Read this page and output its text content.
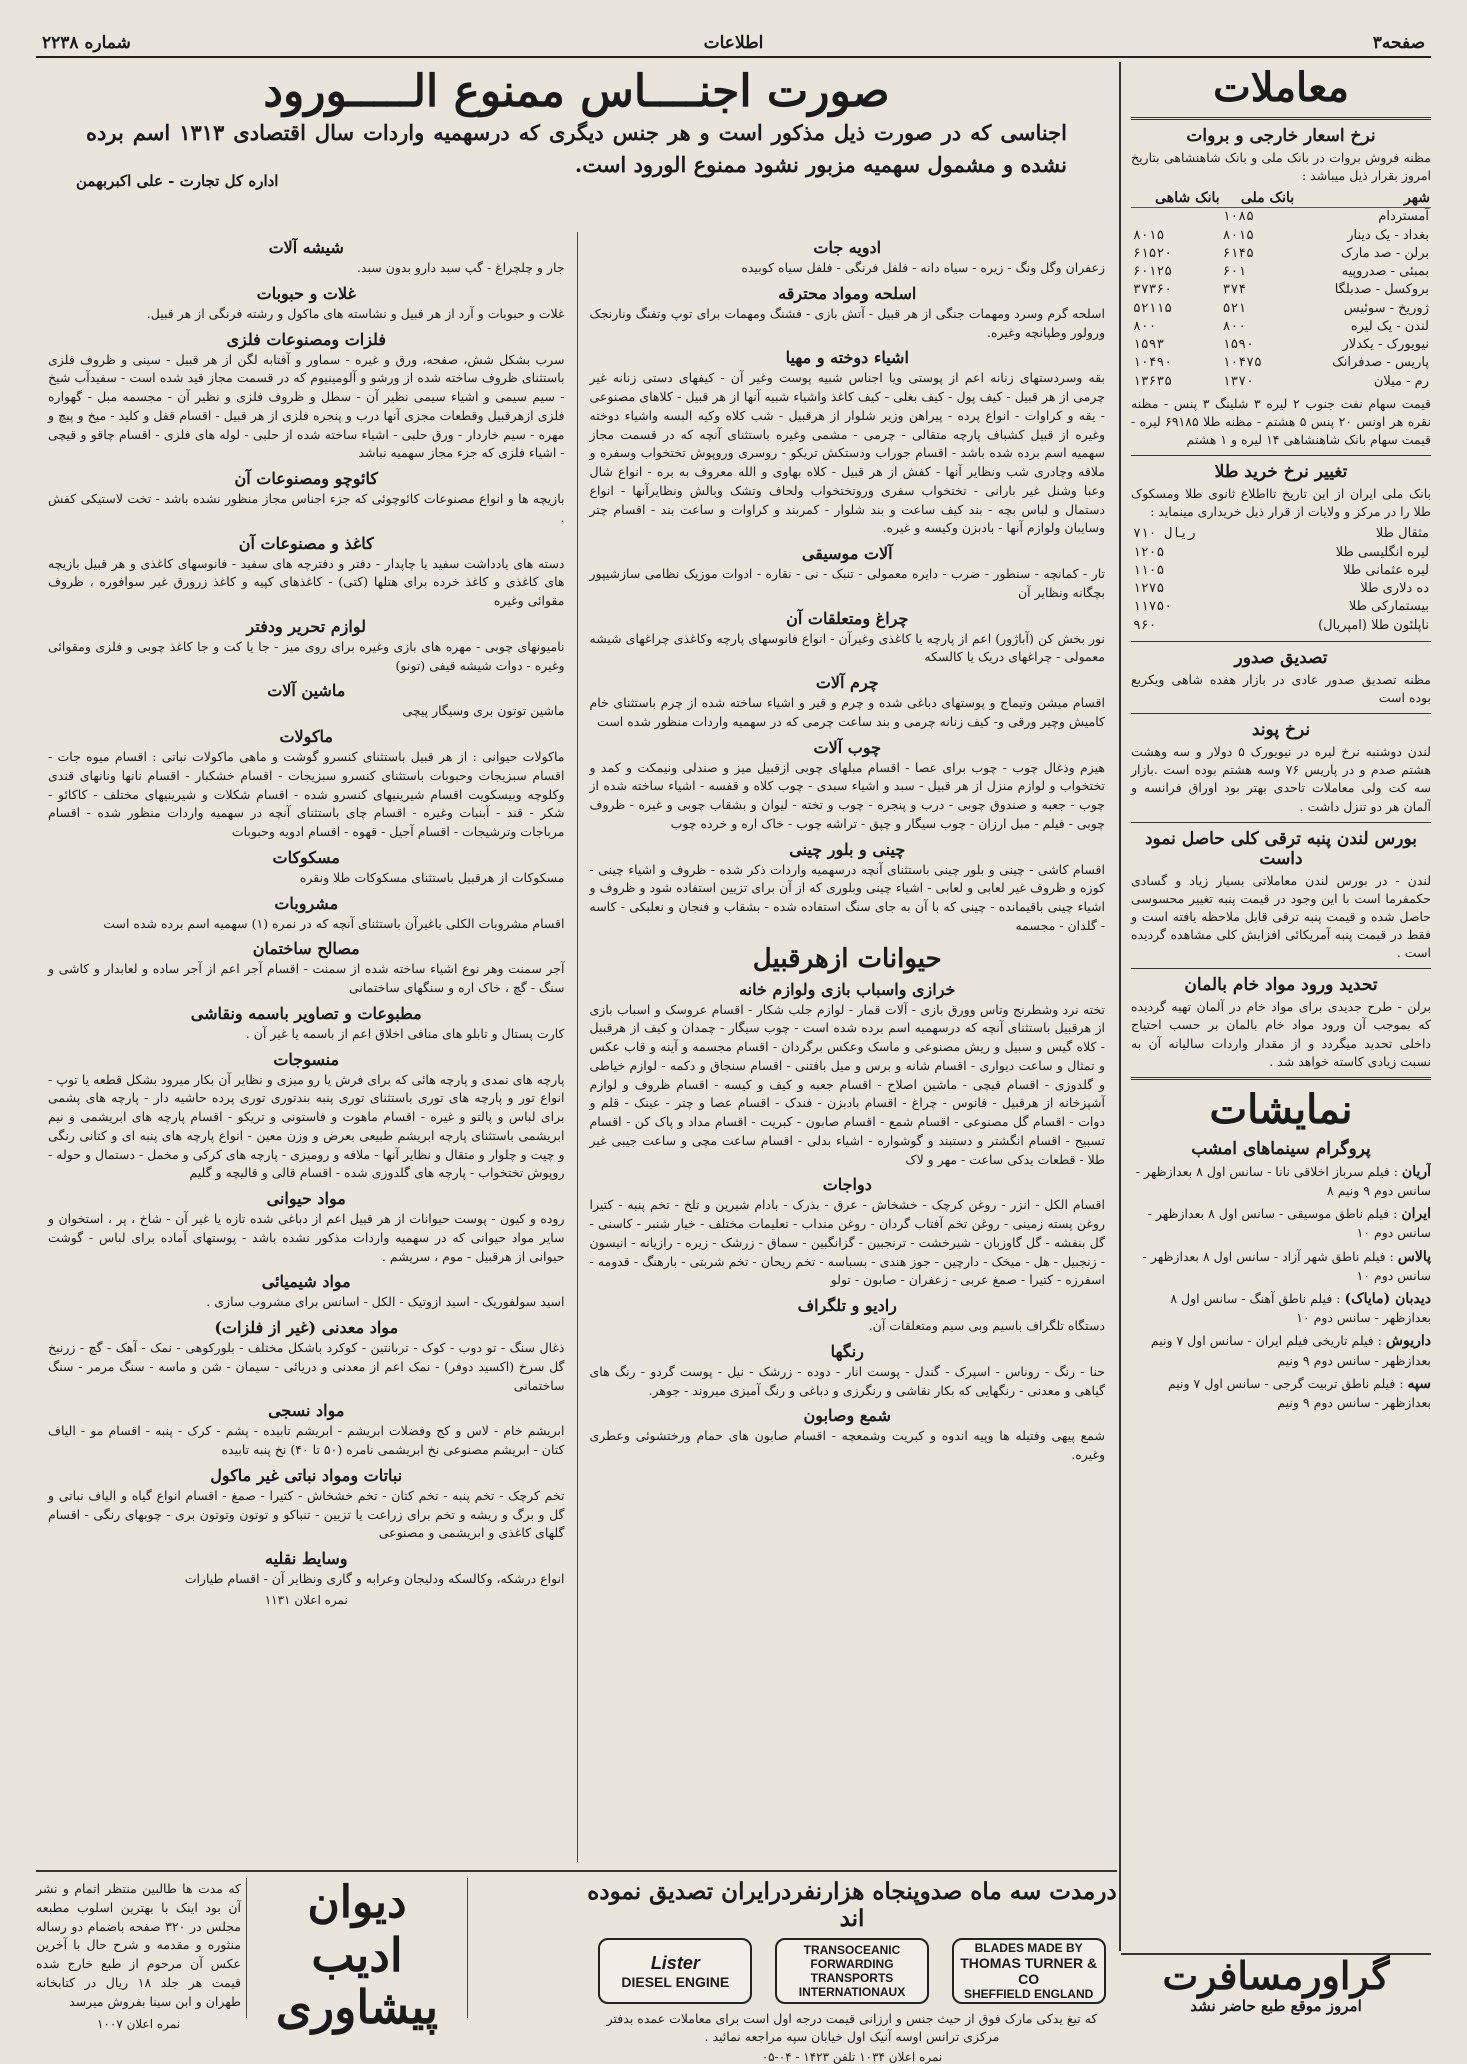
صفحه۳
اطلاعات
شماره ۲۲۳۸
معاملات
نرخ اسعار خارجی و بروات
مظنه فروش بروات در بانک ملی و بانک شاهنشاهی بتاریخ امروز بقرار ذیل میباشد :
شهر	بانک ملی	بانک شاهی
آمستردام	۱۰۸۵	
بغداد - یک دینار	۸۰۱۵	۸۰۱۵
برلن - صد مارک	۶۱۴۵	۶۱۵۲۰
بمبئی - صدروپیه	۶۰۱	۶۰۱۲۵
بروکسل - صدبلگا	۳۷۴	۳۷۳۶۰
ژوریخ - سوئیس	۵۲۱	۵۲۱۱۵
لندن - یک لیره	۸۰۰	۸۰۰
نیویورک - یکدلار	۱۵۹۰	۱۵۹۳
پاریس - صدفرانک	۱۰۴۷۵	۱۰۴۹۰
رم - میلان	۱۳۷۰	۱۳۶۳۵
قیمت سهام نفت جنوب ۲ لیره ۳ شلینگ ۳ پنس - مظنه نقره هر اونس ۲۰ پنس ۵ هشتم - مظنه طلا ۶۹۱۸۵ لیره - قیمت سهام بانک شاهنشاهی ۱۴ لیره و ۱ هشتم
تغییر نرخ خرید طلا
بانک ملی ایران از این تاریخ تااطلاع ثانوی طلا ومسکوک طلا را در مرکز و ولایات از قرار ذیل خریداری مینماید :
مثقال طلا	۷۱۰ ریال
لیره انگلیسی طلا	۱۲۰۵
لیره عثمانی طلا	۱۱۰۵
ده دلاری طلا	۱۲۷۵
بیستمارکی طلا	۱۱۷۵۰
ناپلئون طلا (امپریال)	۹۶۰
تصدیق صدور
مظنه تصدیق صدور عادی در بازار هفده شاهی ویکربع بوده است
نرخ پوند
لندن دوشنبه نرخ لیره در نیویورک ۵ دولار و سه وهشت هشتم صدم و در پاریس ۷۶ وسه هشتم بوده است .بازار سه کت ولی معاملات تاحدی بهتر بود اوراق فرانسه و آلمان هر دو تنزل داشت .
بورس لندن پنبه ترقی کلی حاصل نمود داست
لندن - در بورس لندن معاملاتی بسیار زیاد و گسادی حکمفرما است با این وجود در قیمت پنبه تغییر محسوسی حاصل شده و قیمت پنبه ترقی قابل ملاحظه یافته است و فقط در قیمت پنبه آمریکائی افزایش کلی مشاهده گردیده است .
تحدید ورود مواد خام بالمان
برلن - طرح جدیدی برای مواد خام در آلمان تهیه گردیده که بموجب آن ورود مواد خام بالمان بر حسب احتیاج داخلی تحدید میگردد و از مقدار واردات سالیانه آن به نسبت زیادی کاسته خواهد شد .
نمایشات
پروگرام سینماهای امشب
آریان : فیلم سرباز اخلاقی نانا - سانس اول ۸ بعدازظهر - سانس دوم ۹ ونیم ۸
ایران : فیلم ناطق موسیقی - سانس اول ۸ بعدازظهر - سانس دوم ۱۰
پالاس : فیلم ناطق شهر آزاد - سانس اول ۸ بعدازظهر - سانس دوم ۱۰
دیدبان (مایاک) : فیلم ناطق آهنگ - سانس اول ۸ بعدازظهر - سانس دوم ۱۰
داریوش : فیلم تاریخی فیلم ایران - سانس اول ۷ ونیم بعدازظهر - سانس دوم ۹ ونیم
سپه : فیلم ناطق تربیت گرجی - سانس اول ۷ ونیم بعدازظهر - سانس دوم ۹ ونیم
گراورمسافرت
امروز موقع طبع حاضر نشد
صورت اجنــــاس ممنوع الـــــورود
اجناسی که در صورت ذیل مذکور است و هر جنس دیگری که درسهمیه واردات سال اقتصادی ۱۳۱۳ اسم برده نشده و مشمول سهمیه مزبور نشود ممنوع الورود است.
اداره کل تجارت - علی اکبربهمن
ادویه جات
زعفران وگل ونگ - زیره - سیاه دانه - فلفل فرنگی - فلفل سیاه کوبیده
اسلحه ومواد محترقه
اسلحه گرم وسرد ومهمات جنگی از هر قبیل - آتش بازی - فشنگ ومهمات برای توپ وتفنگ ونارنجک ورولور وطپانچه وغیره.
اشیاء دوخته و مهیا
بقه وسردستهای زنانه اعم از پوستی ویا اجناس شبیه پوست وغیر آن - کیفهای دستی زنانه غیر چرمی از هر قبیل - کیف پول - کیف بغلی - کیف کاغذ واشیاء شبیه آنها از هر قبیل - کلاهای مصنوعی - یقه و کراوات - انواع پرده - پیراهن وزیر شلوار از هرقبیل - شب کلاه وکیه البسه واشیاء دوخته وغیره از قبیل کشباف پارچه متقالی - چرمی - مشمی وغیره باستثنای آنچه که در قسمت مجاز سهمیه اسم برده شده باشد - اقسام جوراب ودستکش تریکو - روسری وروپوش تختخواب وسفره و ملافه وچادری شب ونظایر آنها - کفش از هر قبیل - کلاه بهاوی و الله معروف به بره - انواع شال وعبا وشنل غیر بارانی - تختخواب سفری وروتختخواب ولحاف وتشک وبالش ونظایرآنها - انواع دستمال و لباس بچه - بند کیف ساعت و بند شلوار - کمربند و کراوات و ساعت بند - اقسام چتر وسایبان ولوازم آنها - بادبزن وکیسه و غیره.
آلات موسیقی
تار - کمانچه - سنطور - ضرب - دایره معمولی - تنبک - نی - نقاره - ادوات موزیک نظامی سازشیپور بچگانه ونظایر آن
چراغ ومتعلقات آن
نور بخش کن (آباژور) اعم از پارچه یا کاغذی وغیرآن - انواع فانوسهای پارچه وکاغذی چراغهای شیشه معمولی - چراغهای دریک یا کالسکه
چرم آلات
اقسام میشن وتیماج و پوستهای دباغی شده و چرم و قیر و اشیاء ساخته شده از چرم باستثنای خام کامیش وچیر ورقی و- کیف زنانه چرمی و بند ساعت چرمی که در سهمیه واردات منظور شده است
چوب آلات
هیزم وذغال چوب - چوب برای عصا - اقسام مبلهای چوبی ازقبیل میز و صندلی ونیمکت و کمد و تختخواب و لوازم منزل از هر قبیل - سبد و اشیاء سبدی - چوب کلاه و قفسه - اشیاء ساخته شده از چوب - جعبه و صندوق چوبی - درب و پنجره - چوب و تخته - لیوان و بشقاب چوبی و غیره - ظروف چوبی - فیلم - مبل ارزان - چوب سیگار و چپق - تراشه چوب - خاک اره و خرده چوب
چینی و بلور چینی
اقسام کاشی - چینی و بلور چینی باستثنای آنچه درسهمیه واردات ذکر شده - ظروف و اشیاء چینی - کوزه و ظروف غیر لعابی و لعابی - اشیاء چینی وبلوری که از آن برای تزیین استفاده شود و ظروف و اشیاء چینی باقیمانده - چینی که با آن به جای سنگ استفاده شده - بشقاب و فنجان و نعلبکی - کاسه - گلدان - مجسمه
حیوانات ازهرقبیل
خرازی واسباب بازی ولوازم خانه
تخته نرد وشطرنج وتاس وورق بازی - آلات قمار - لوازم جلب شکار - اقسام عروسک و اسباب بازی از هرقبیل باستثنای آنچه که درسهمیه اسم برده شده است - چوب سیگار - چمدان و کیف از هرقبیل - کلاه گیس و سبیل و ریش مصنوعی و ماسک وعکس برگردان - اقسام مجسمه و آینه و قاب عکس و تمثال و ساعت دیواری - اقسام شانه و برس و میل بافتنی - اقسام سنجاق و دکمه - لوازم خیاطی و گلدوزی - اقسام قیچی - ماشین اصلاح - اقسام جعبه و کیف و کیسه - اقسام ظروف و لوازم آشپزخانه از هرقبیل - فانوس - چراغ - اقسام بادبزن - فندک - اقسام عصا و چتر - عینک - قلم و دوات - اقسام گل مصنوعی - اقسام شمع - اقسام صابون - کبریت - اقسام مداد و پاک کن - اقسام تسبیح - اقسام انگشتر و دستبند و گوشواره - اشیاء بدلی - اقسام ساعت مچی و ساعت جیبی غیر طلا - قطعات یدکی ساعت - مهر و لاک
دواجات
اقسام الکل - انزر - روغن کرچک - خشخاش - عرق - بذرک - بادام شیرین و تلخ - تخم پنبه - کتیرا روغن پسته زمینی - روغن تخم آفتاب گردان - روغن منداب - تعلیمات مختلف - خیار شنبر - کاسنی - گل بنفشه - گل گاوزبان - شیرخشت - ترنجبین - گزانگبین - سماق - زرشک - زیره - رازیانه - انیسون - زنجبیل - هل - میخک - دارچین - جوز هندی - بسباسه - تخم ریحان - تخم شربتی - بارهنگ - قدومه - اسفرزه - کتیرا - صمغ عربی - زعفران - صابون - تولو
رادیو و تلگراف
دستگاه تلگراف باسیم وبی سیم ومتعلقات آن.
رنگها
حنا - رنگ - روناس - اسپرک - گندل - پوست انار - دوده - زرشک - نیل - پوست گردو - رنگ های گیاهی و معدنی - رنگهایی که بکار نقاشی و رنگرزی و دباغی و رنگ آمیزی میروند - جوهر.
شمع وصابون
شمع پیهی وفتیله ها وپیه اندوه و کبریت وشمعچه - اقسام صابون های حمام ورختشوئی وعطری وغیره.
شیشه آلات
جار و چلچراغ - گپ سبد دارو بدون سبد.
غلات و حبوبات
غلات و حبوبات و آرد از هر قبیل و نشاسته های ماکول و رشته فرنگی از هر قبیل.
فلزات ومصنوعات فلزی
سرب بشکل شش، صفحه، ورق و غیره - سماور و آفتابه لگن از هر قبیل - سینی و ظروف فلزی باستثنای ظروف ساخته شده از ورشو و آلومینیوم که در قسمت مجاز قید شده است - سفیدآب شیخ - سیم سیمی و اشیاء سیمی نظیر آن - سطل و ظروف فلزی و نظیر آن - مجسمه مبل - گهواره فلزی ازهرقبیل وقطعات مجزی آنها درب و پنجره فلزی از هر قبیل - اقسام قفل و کلید - میخ و پیچ و مهره - سیم خاردار - ورق حلبی - اشیاء ساخته شده از حلبی - لوله های فلزی - اقسام چاقو و قیچی - اشیاء فلزی که جزء مجاز سهمیه نباشد
کائوچو ومصنوعات آن
بازیچه ها و انواع مصنوعات کائوچوئی که جزء اجناس مجاز منظور نشده باشد - تخت لاستیکی کفش .
کاغذ و مصنوعات آن
دسته های یادداشت سفید یا چاپدار - دفتر و دفترچه های سفید - فانوسهای کاغذی و هر قبیل بازیچه های کاغذی و کاغذ خرده برای هتلها (کتی) - کاغذهای کپیه و کاغذ زرورق غیر سوافوره ، ظروف مقوائی وغیره
لوازم تحریر ودفتر
نامیونهای چوبی - مهره های بازی وغیره برای روی میز - جا یا کت و جا کاغذ چوبی و فلزی ومقوائی وغیره - دوات شیشه قیفی (تونو)
ماشین آلات
ماشین توتون بری وسیگار پیچی
ماکولات
ماکولات حیوانی : از هر قبیل باستثنای کنسرو گوشت و ماهی ماکولات نباتی : اقسام میوه جات - اقسام سبزیجات وحبوبات باستثنای کنسرو سبزیجات - اقسام خشکبار - اقسام نانها ونانهای قندی وکلوچه وبیسکویت اقسام شیرینیهای کنسرو شده - اقسام شکلات و شیرینیهای مختلف - کاکائو - شکر - قند - آبنبات وغیره - اقسام چای باستثنای آنچه در سهمیه واردات منظور شده - اقسام مرباجات وترشیجات - اقسام آجیل - قهوه - اقسام ادویه وحبوبات
مسکوکات
مسکوکات از هرقبیل باستثنای مسکوکات طلا ونقره
مشروبات
اقسام مشروبات الکلی باغیرآن باستثنای آنچه که در نمره (۱) سهمیه اسم برده شده است
مصالح ساختمان
آجر سمنت وهر نوع اشیاء ساخته شده از سمنت - اقسام آجر اعم از آجر ساده و لعابدار و کاشی و سنگ - گچ ، خاک اره و سنگهای ساختمانی
مطبوعات و تصاویر باسمه ونقاشی
کارت پستال و تابلو های منافی اخلاق اعم از باسمه یا غیر آن .
منسوجات
پارچه های نمدی و پارچه هائی که برای فرش یا رو میزی و نظایر آن بکار میرود بشکل قطعه یا توپ - انواع تور و پارچه های توری باستثنای توری پنبه بندتوری توری پرده حاشیه دار - پارچه های پشمی برای لباس و پالتو و غیره - اقسام ماهوت و فاستونی و تریکو - اقسام پارچه های ابریشمی و نیم ابریشمی باستثنای پارچه ابریشم طبیعی بعرض و وزن معین - انواع پارچه های پنبه ای و کتانی رنگی و چیت و چلوار و متقال و نظایر آنها - ملافه و رومیزی - پارچه های کرکی و مخمل - دستمال و حوله - روپوش تختخواب - پارچه های گلدوزی شده - اقسام قالی و قالیچه و گلیم
مواد حیوانی
روده و کیون - پوست حیوانات از هر قبیل اعم از دباغی شده تازه یا غیر آن - شاخ ، پر ، استخوان و سایر مواد حیوانی که در سهمیه واردات مذکور نشده باشد - پوستهای آماده برای لباس - گوشت حیوانی از هرقبیل - موم ، سریشم .
مواد شیمیائی
اسید سولفوریک - اسید ازوتیک - الکل - اسانس برای مشروب سازی .
مواد معدنی (غیر از فلزات)
ذغال سنگ - تو دوب - کوک - تربانتین - کوکرد باشکل مختلف - بلورکوهی - نمک - آهک - گچ - زرنیخ گل سرخ (اکسید دوفر) - نمک اعم از معدنی و دریائی - سیمان - شن و ماسه - سنگ مرمر - سنگ ساختمانی
مواد نسجی
ابریشم خام - لاس و کج وفضلات ابریشم - ابریشم تابیده - پشم - کرک - پنبه - اقسام مو - الیاف کتان - ابریشم مصنوعی نخ ابریشمی نامره (۵۰ تا ۴۰) نخ پنبه تابیده
نباتات ومواد نباتی غیر ماکول
تخم کرچک - تخم پنبه - تخم کتان - تخم خشخاش - کتیرا - صمغ - اقسام انواع گیاه و الیاف نباتی و گل و برگ و ریشه و تخم برای زراعت یا تزیین - تنباکو و توتون وتوتون بری - چوبهای رنگی - اقسام گلهای کاغذی و ابریشمی و مصنوعی
وسایط نقلیه
انواع درشکه، وکالسکه ودلیجان وعرابه و گاری ونظایر آن - اقسام طیارات
نمره اعلان ۱۱۳۱
درمدت سه ماه صدوپنجاه هزارنفردرایران تصدیق نموده اند
Lister
DIESEL ENGINE
TRANSOCEANIC FORWARDING
TRANSPORTS INTERNATIONAUX
BLADES MADE BY
THOMAS TURNER & CO
SHEFFIELD ENGLAND
که تیغ یدکی مارک فوق از حیث جنس و ارزانی قیمت درجه اول است برای معاملات عمده بدفتر مرکزی ترانس اوسه آنیک اول خیابان سپه مراجعه نمائید .
نمره اعلان ۱۰۳۴ تلفن ۱۴۲۳ - ۰۴-۰۵
دیوان
ادیب پیشاوری
که مدت ها طالبین منتظر اتمام و نشر آن بود اینک با بهترین اسلوب مطبعه مجلس در ۳۲۰ صفحه باضمام دو رساله منثوره و مقدمه و شرح حال با آخرین عکس آن مرحوم از طبع خارج شده قیمت هر جلد ۱۸ ریال در کتابخانه طهران و ابن سینا بفروش میرسد
نمره اعلان ۱۰۰۷
